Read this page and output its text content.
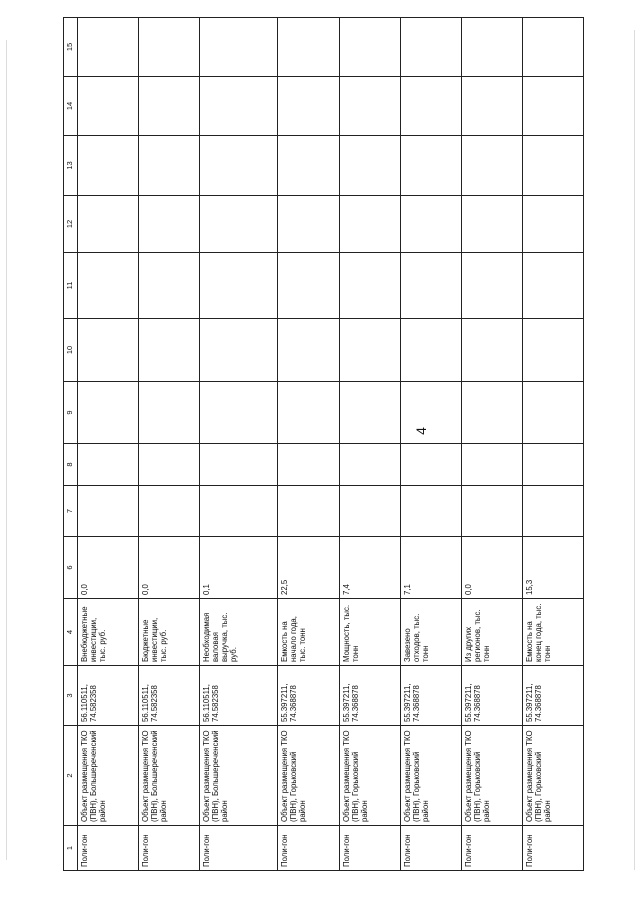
4
1	2	3	4	6	7	8	9	10	11	12	13	14	15
Поли-гон	Объект размещения ТКО (ПВН), Большереченский район	56.110511, 74.582358	Внебюджетные инвестиции, тыс. руб.	0,0									
Поли-гон	Объект размещения ТКО (ПВН), Большереченский район	56.110511, 74.582358	Бюджетные инвестиции, тыс. руб.	0,0									
Поли-гон	Объект размещения ТКО (ПВН), Большереченский район	56.110511, 74.582358	Необходимая валовая выручка, тыс. руб.	0,1									
Поли-гон	Объект размещения ТКО (ПВН), Горьковский район	55.397211, 74.368878	Емкость на начало года, тыс. тонн	22,5									
Поли-гон	Объект размещения ТКО (ПВН), Горьковский район	55.397211, 74.368878	Мощность, тыс. тонн	7,4									
Поли-гон	Объект размещения ТКО (ПВН), Горьковский район	55.397211, 74.368878	Завезено отходов, тыс. тонн	7,1									
Поли-гон	Объект размещения ТКО (ПВН), Горьковский район	55.397211, 74.368878	Из других регионов, тыс. тонн	0,0									
Поли-гон	Объект размещения ТКО (ПВН), Горьковский район	55.397211, 74.368878	Емкость на конец года, тыс. тонн	15,3									
